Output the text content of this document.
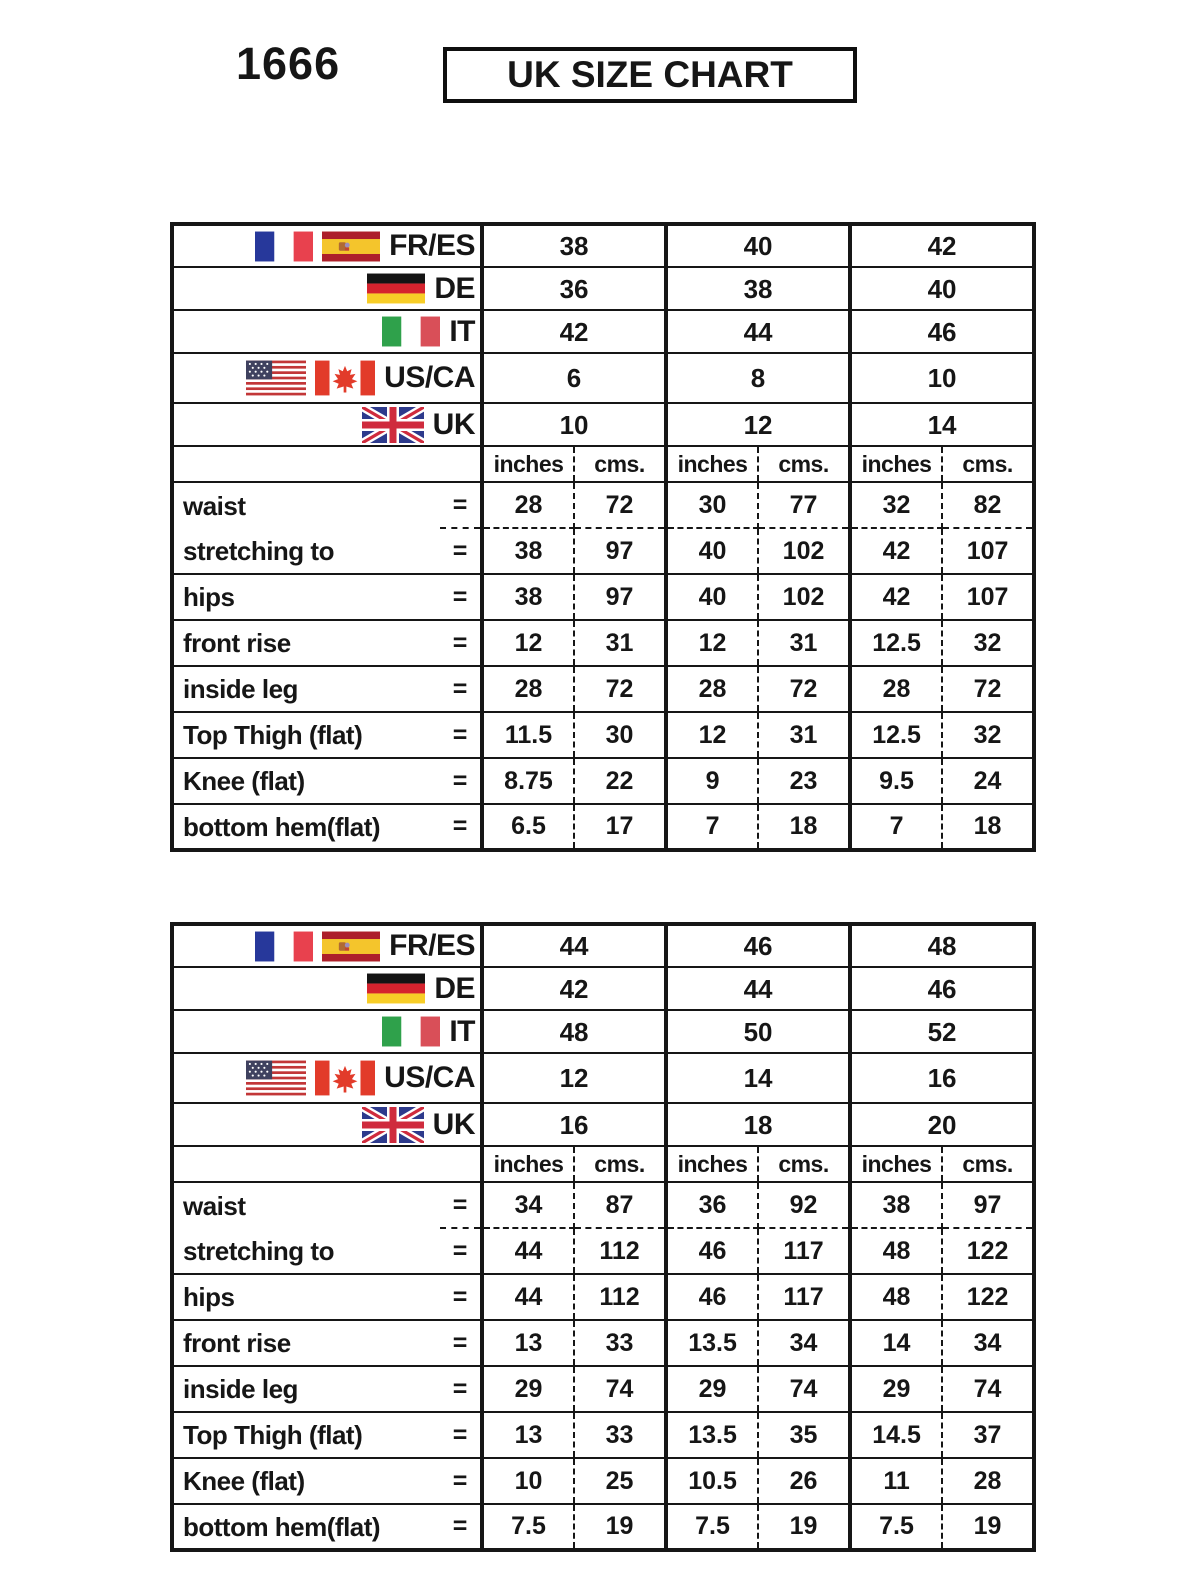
1666	UK SIZE CHART
FR/ES		38		40		42	

DE		36		38		40	

IT		42		44		46	

US/CA		6		8		10	

UK		10		12		14	
		inches	cms.	inches	cms.	inches	cms.
waist	=	28	72	30	77	32	82
stretching to	=	38	97	40	102	42	107
hips	=	38	97	40	102	42	107
front rise	=	12	31	12	31	12.5	32
inside leg	=	28	72	28	72	28	72
Top Thigh (flat)	=	11.5	30	12	31	12.5	32
Knee (flat)	=	8.75	22	9	23	9.5	24
bottom hem(flat)	=	6.5	17	7	18	7	18
FR/ES		44		46		48	

DE		42		44		46	

IT		48		50		52	

US/CA		12		14		16	

UK		16		18		20	
		inches	cms.	inches	cms.	inches	cms.
waist	=	34	87	36	92	38	97
stretching to	=	44	112	46	117	48	122
hips	=	44	112	46	117	48	122
front rise	=	13	33	13.5	34	14	34
inside leg	=	29	74	29	74	29	74
Top Thigh (flat)	=	13	33	13.5	35	14.5	37
Knee (flat)	=	10	25	10.5	26	11	28
bottom hem(flat)	=	7.5	19	7.5	19	7.5	19
